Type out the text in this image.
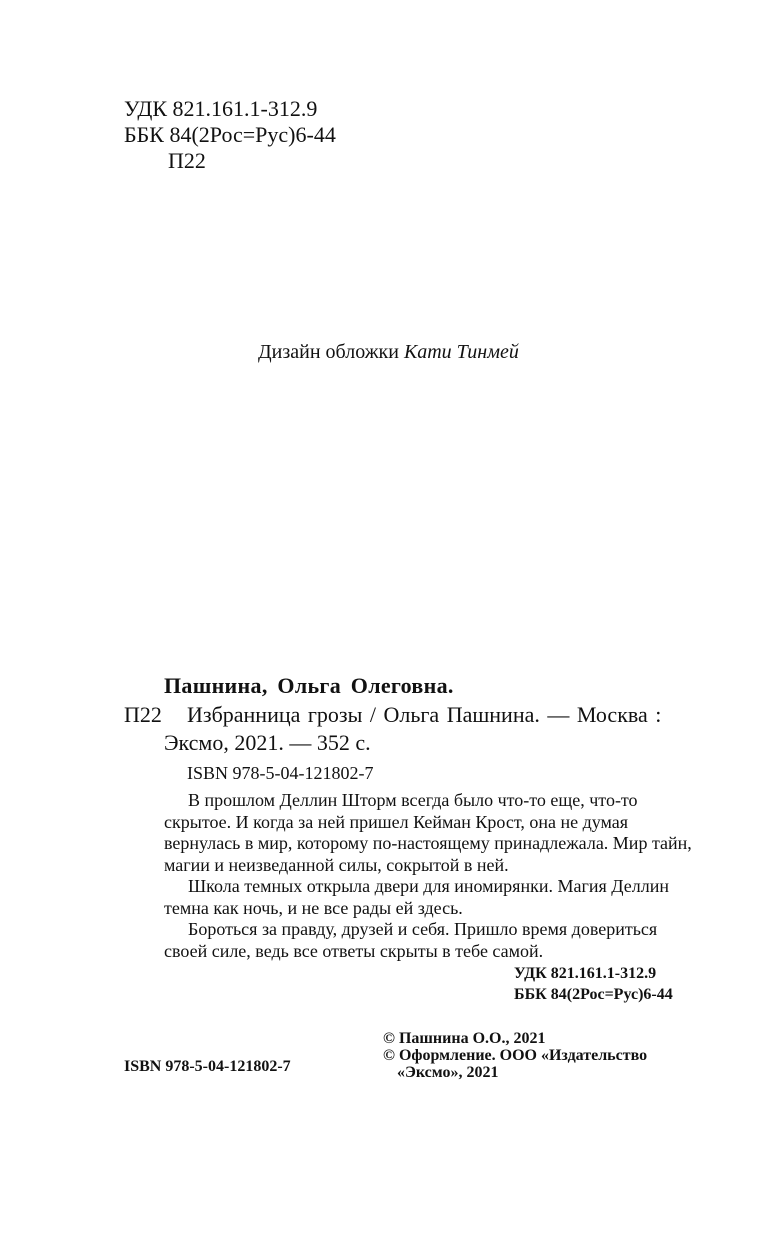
УДК 821.161.1-312.9
ББК 84(2Рос=Рус)6-44
П22
Дизайн обложки Кати Тинмей
Пашнина, Ольга Олеговна.
П22 Избранница грозы / Ольга Пашнина. — Москва :
Эксмо, 2021. — 352 с.
ISBN 978-5-04-121802-7

В прошлом Деллин Шторм всегда было что-то еще, что-то скрытое. И когда за ней пришел Кейман Крост, она не думая вернулась в мир, которому по-настоящему принадлежала. Мир тайн, магии и неизведанной силы, сокрытой в ней.

Школа темных открыла двери для иномирянки. Магия Деллин темна как ночь, и не все рады ей здесь.

Бороться за правду, друзей и себя. Пришло время довериться своей силе, ведь все ответы скрыты в тебе самой.

УДК 821.161.1-312.9
ББК 84(2Рос=Рус)6-44
© Пашнина О.О., 2021
© Оформление. ООО «Издательство
«Эксмо», 2021
ISBN 978-5-04-121802-7
